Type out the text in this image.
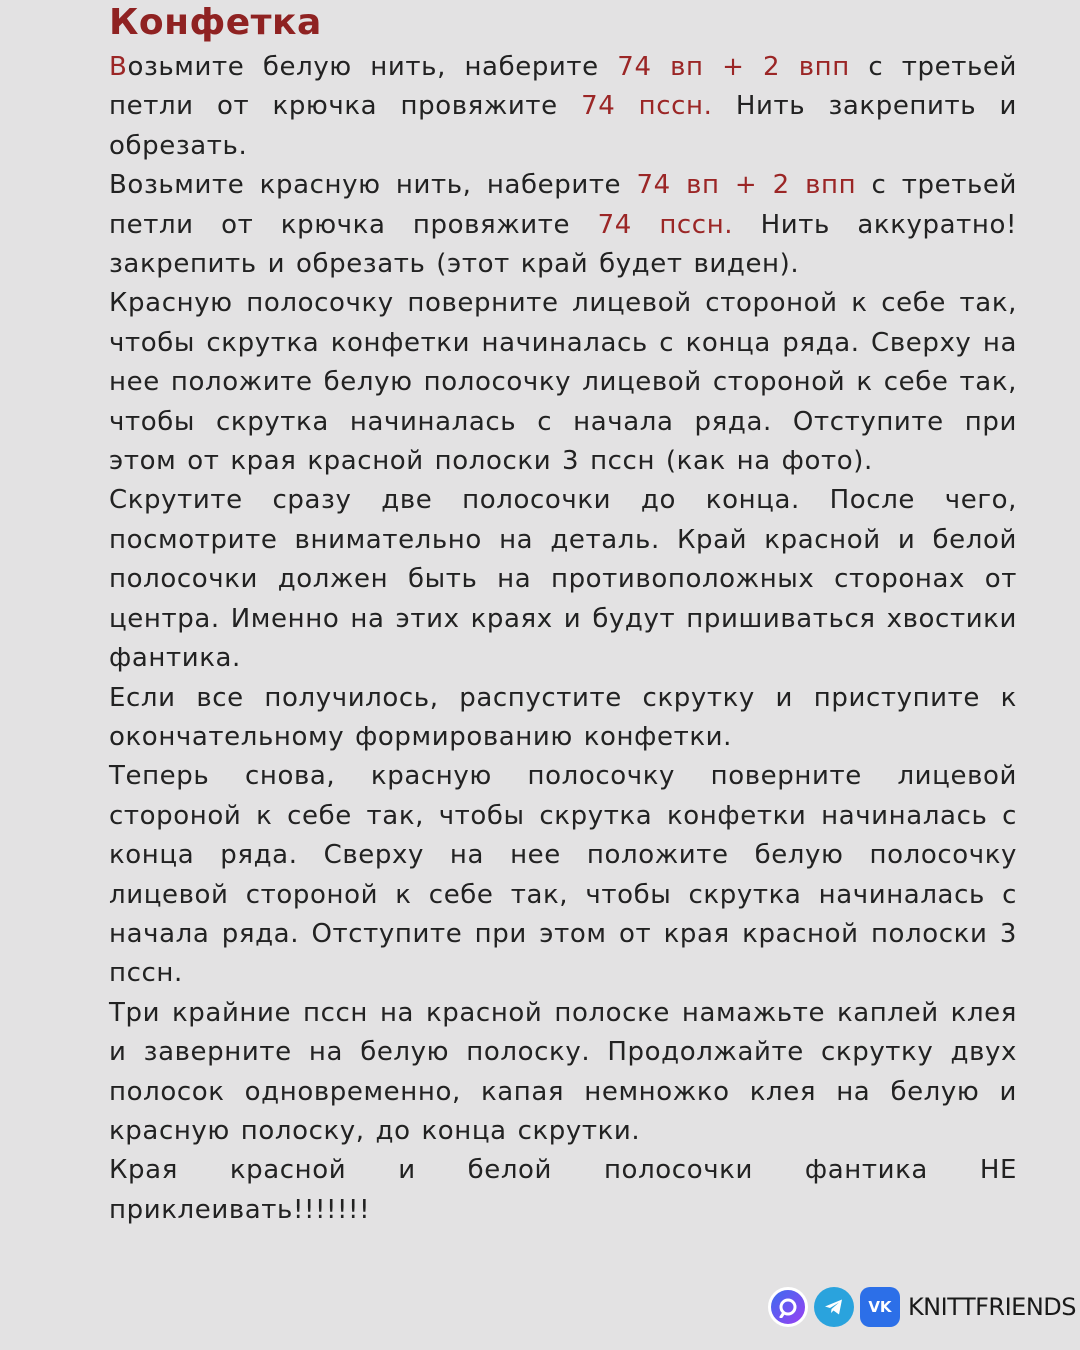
Конфетка

Возьмите белую нить, наберите 74 вп + 2 впп с третьей петли от крючка провяжите 74 пссн. Нить закрепить и обрезать.

Возьмите красную нить, наберите 74 вп + 2 впп с третьей петли от крючка провяжите 74 пссн. Нить аккуратно! закрепить и обрезать (этот край будет виден).

Красную полосочку поверните лицевой стороной к себе так, чтобы скрутка конфетки начиналась с конца ряда. Сверху на нее положите белую полосочку лицевой стороной к себе так, чтобы скрутка начиналась с начала ряда. Отступите при этом от края красной полоски 3 пссн (как на фото).

Скрутите сразу две полосочки до конца. После чего, посмотрите внимательно на деталь. Край красной и белой полосочки должен быть на противоположных сторонах от центра. Именно на этих краях и будут пришиваться хвостики фантика.

Если все получилось, распустите скрутку и приступите к окончательному формированию конфетки.

Теперь снова, красную полосочку поверните лицевой стороной к себе так, чтобы скрутка конфетки начиналась с конца ряда. Сверху на нее положите белую полосочку лицевой стороной к себе так, чтобы скрутка начиналась с начала ряда. Отступите при этом от края красной полоски 3 пссн.

Три крайние пссн на красной полоске намажьте каплей клея и заверните на белую полоску. Продолжайте скрутку двух полосок одновременно, капая немножко клея на белую и красную полоску, до конца скрутки.

Края красной и белой полосочки фантика НЕ приклеивать!!!!!!!

VK KNITTFRIENDS
